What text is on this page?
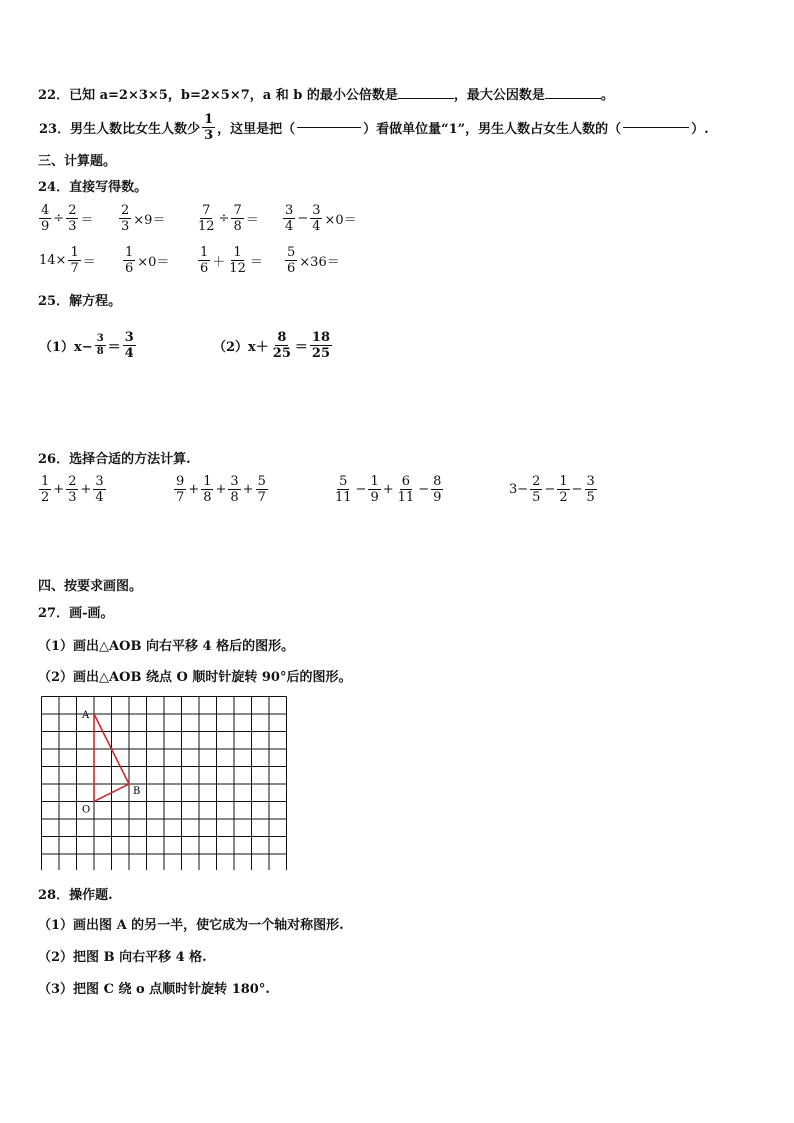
22．已知 a=2×3×5，b=2×5×7，a 和 b 的最小公倍数是	，最大公因数是	。
23．男生人数比女生人数少 $\frac{1}{3}$ ，这里是把（	）看做单位量“1”，男生人数占女生人数的（	）.
三、计算题。
24．直接写得数。
$\frac{4}{9} \div \frac{2}{3} = \frac{2}{3} \times 9= \frac{7}{12} \div \frac{7}{8} = \frac{3}{4} - \frac{3}{4} \times 0=$
$14\times \frac{1}{7} = \frac{1}{6} \times 0= \frac{1}{6} + \frac{1}{12} = \frac{5}{6} \times 36=$
25．解方程。
$(1)x- \frac{3}{8} = \frac{3}{4}$	$(2)x+ \frac{8}{25} = \frac{18}{25}$
26．选择合适的方法计算.
$\frac{1}{2} + \frac{2}{3} + \frac{3}{4}$	$\frac{9}{7} + \frac{1}{8} + \frac{3}{8} + \frac{5}{7}$	$\frac{5}{11} - \frac{1}{9} + \frac{6}{11} - \frac{8}{9}$	$3- \frac{2}{5} - \frac{1}{2} - \frac{3}{5}$
四、按要求画图。
27．画-画。
（1）画出△AOB 向右平移 4 格后的图形。
（2）画出△AOB 绕点 O 顺时针旋转 90°后的图形。
A
B
O
28．操作题.
（1）画出图 A 的另一半，使它成为一个轴对称图形.
（2）把图 B 向右平移 4 格.
（3）把图 C 绕 o 点顺时针旋转 180°.
